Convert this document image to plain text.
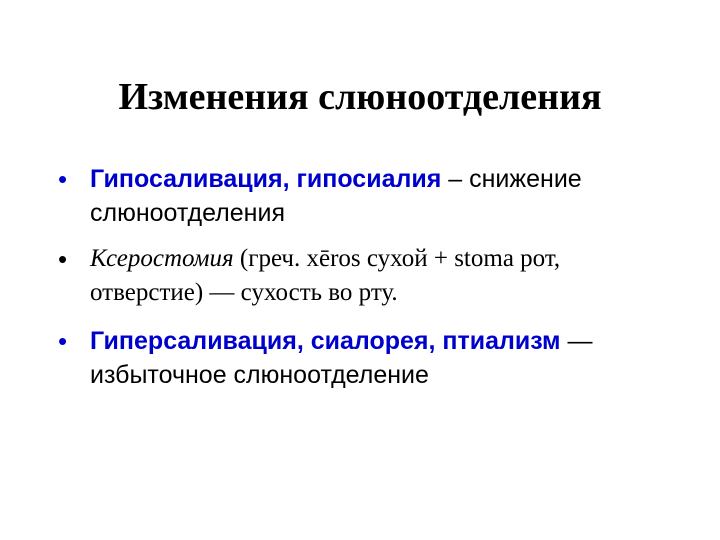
Изменения слюноотделения
• Гипосаливация, гипосиалия – снижение слюноотделения
• Ксеростомия (греч. xēros сухой + stoma рот, отверстие) — сухость во рту.
• Гиперсаливация, сиалорея, птиализм —избыточное слюноотделение
